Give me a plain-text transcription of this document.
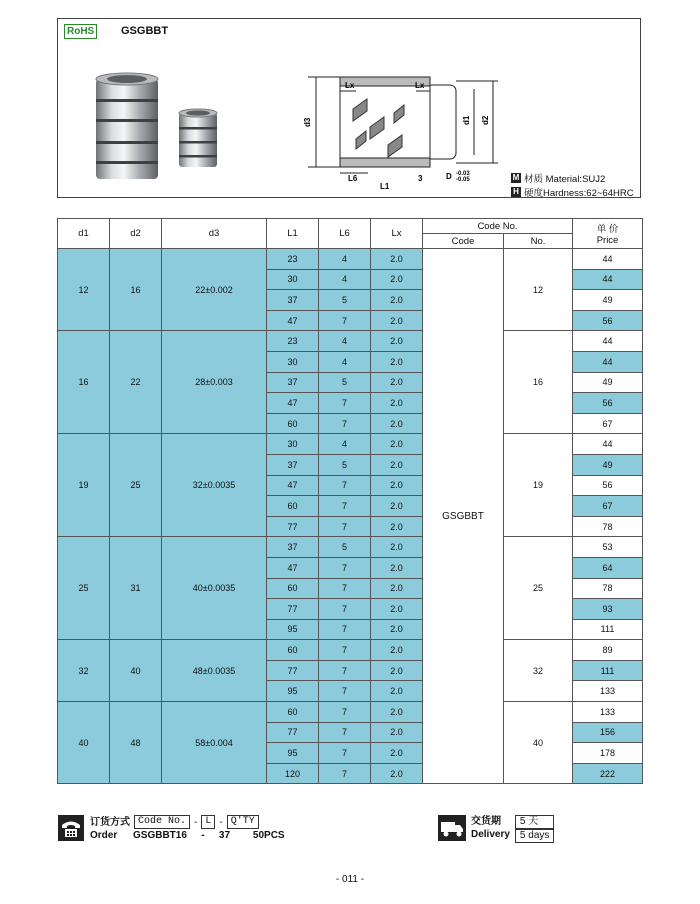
RoHS GSGBBT
d3	d1 d2
Lx	Lx
L6	3	D -0.03
-0.05
L1
M 材质 Material:SUJ2
H 硬度Hardness:62~64HRC
d1	d2	d3	L1	L6	Lx	Code No.		单 价
Price

						Code	No.	
12	16	22±0.002	23	4	2.0	GSGBBT	12	44
			30	4	2.0			44
			37	5	2.0			49
			47	7	2.0			56
16	22	28±0.003	23	4	2.0		16	44
			30	4	2.0			44
			37	5	2.0			49
			47	7	2.0			56
			60	7	2.0			67
19	25	32±0.0035	30	4	2.0		19	44
			37	5	2.0			49
			47	7	2.0			56
			60	7	2.0			67
			77	7	2.0			78
25	31	40±0.0035	37	5	2.0		25	53
			47	7	2.0			64
			60	7	2.0			78
			77	7	2.0			93
			95	7	2.0			111
32	40	48±0.0035	60	7	2.0		32	89
			77	7	2.0			111
			95	7	2.0			133
40	48	58±0.004	60	7	2.0		40	133
			77	7	2.0			156
			95	7	2.0			178
			120	7	2.0			222
订货方式 Code No. - L - Q'TY
Order	GSGBBT16	-	37	50PCS
交货期
Delivery
5 天
5 days
- 011 -
